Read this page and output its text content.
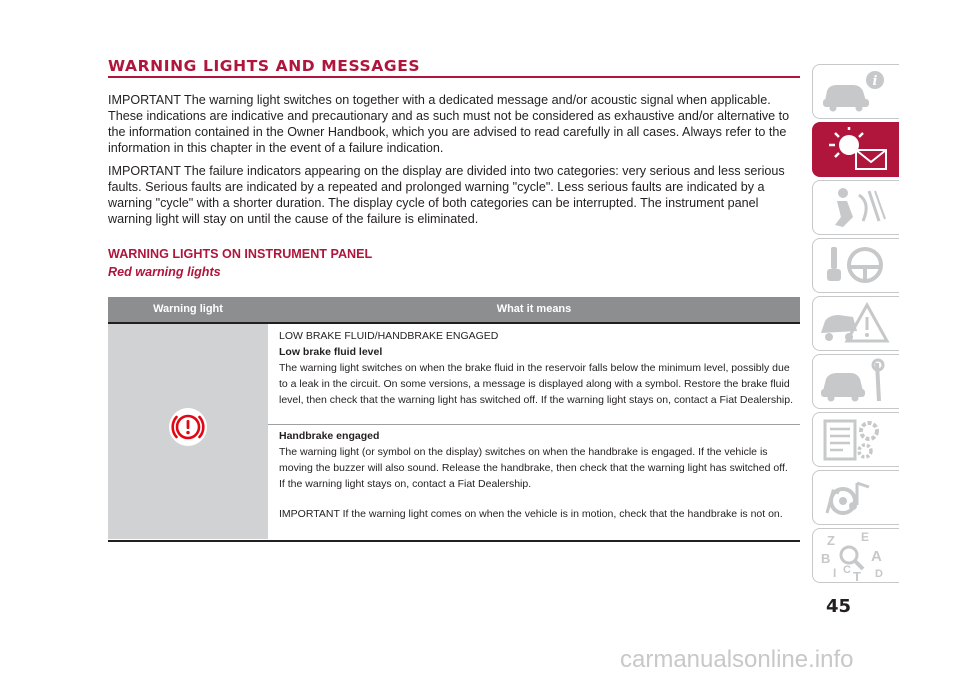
WARNING LIGHTS AND MESSAGES

IMPORTANT The warning light switches on together with a dedicated message and/or acoustic signal when applicable. These indications are indicative and precautionary and as such must not be considered as exhaustive and/or alternative to the information contained in the Owner Handbook, which you are advised to read carefully in all cases. Always refer to the information in this chapter in the event of a failure indication.

IMPORTANT The failure indicators appearing on the display are divided into two categories: very serious and less serious faults. Serious faults are indicated by a repeated and prolonged warning "cycle". Less serious faults are indicated by a warning "cycle" with a shorter duration. The display cycle of both categories can be interrupted. The instrument panel warning light will stay on until the cause of the failure is eliminated.

WARNING LIGHTS ON INSTRUMENT PANEL
Red warning lights
Warning light	What it means

LOW BRAKE FLUID/HANDBRAKE ENGAGED

Low brake fluid level

The warning light switches on when the brake fluid in the reservoir falls below the minimum level, possibly due to a leak in the circuit. On some versions, a message is displayed along with a symbol. Restore the brake fluid level, then check that the warning light has switched off. If the warning light stays on, contact a Fiat Dealership.

Handbrake engaged

The warning light (or symbol on the display) switches on when the handbrake is engaged. If the vehicle is moving the buzzer will also sound. Release the handbrake, then check that the warning light has switched off. If the warning light stays on, contact a Fiat Dealership.

IMPORTANT If the warning light comes on when the vehicle is in motion, check that the handbrake is not on.

i
Z E
B	A
I C T D
45
carmanualsonline.info
